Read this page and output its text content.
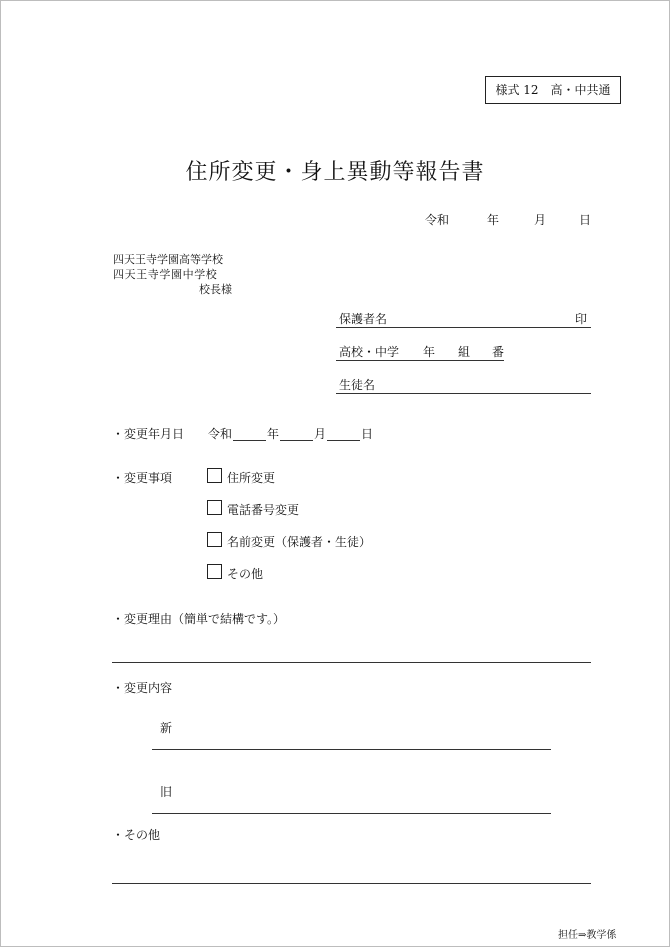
様式 12　高・中共通
住所変更・身上異動等報告書
令和	年	月	日
四天王寺学園高等学校
四天王寺学園中学校
校長様
保護者名	印
高校・中学 年 組 番
生徒名
・変更年月日 令和	年	月	日
・変更事項	住所変更
電話番号変更
名前変更（保護者・生徒）
その他
・変更理由（簡単で結構です。）
・変更内容
新
旧
・その他
担任⇒教学係
